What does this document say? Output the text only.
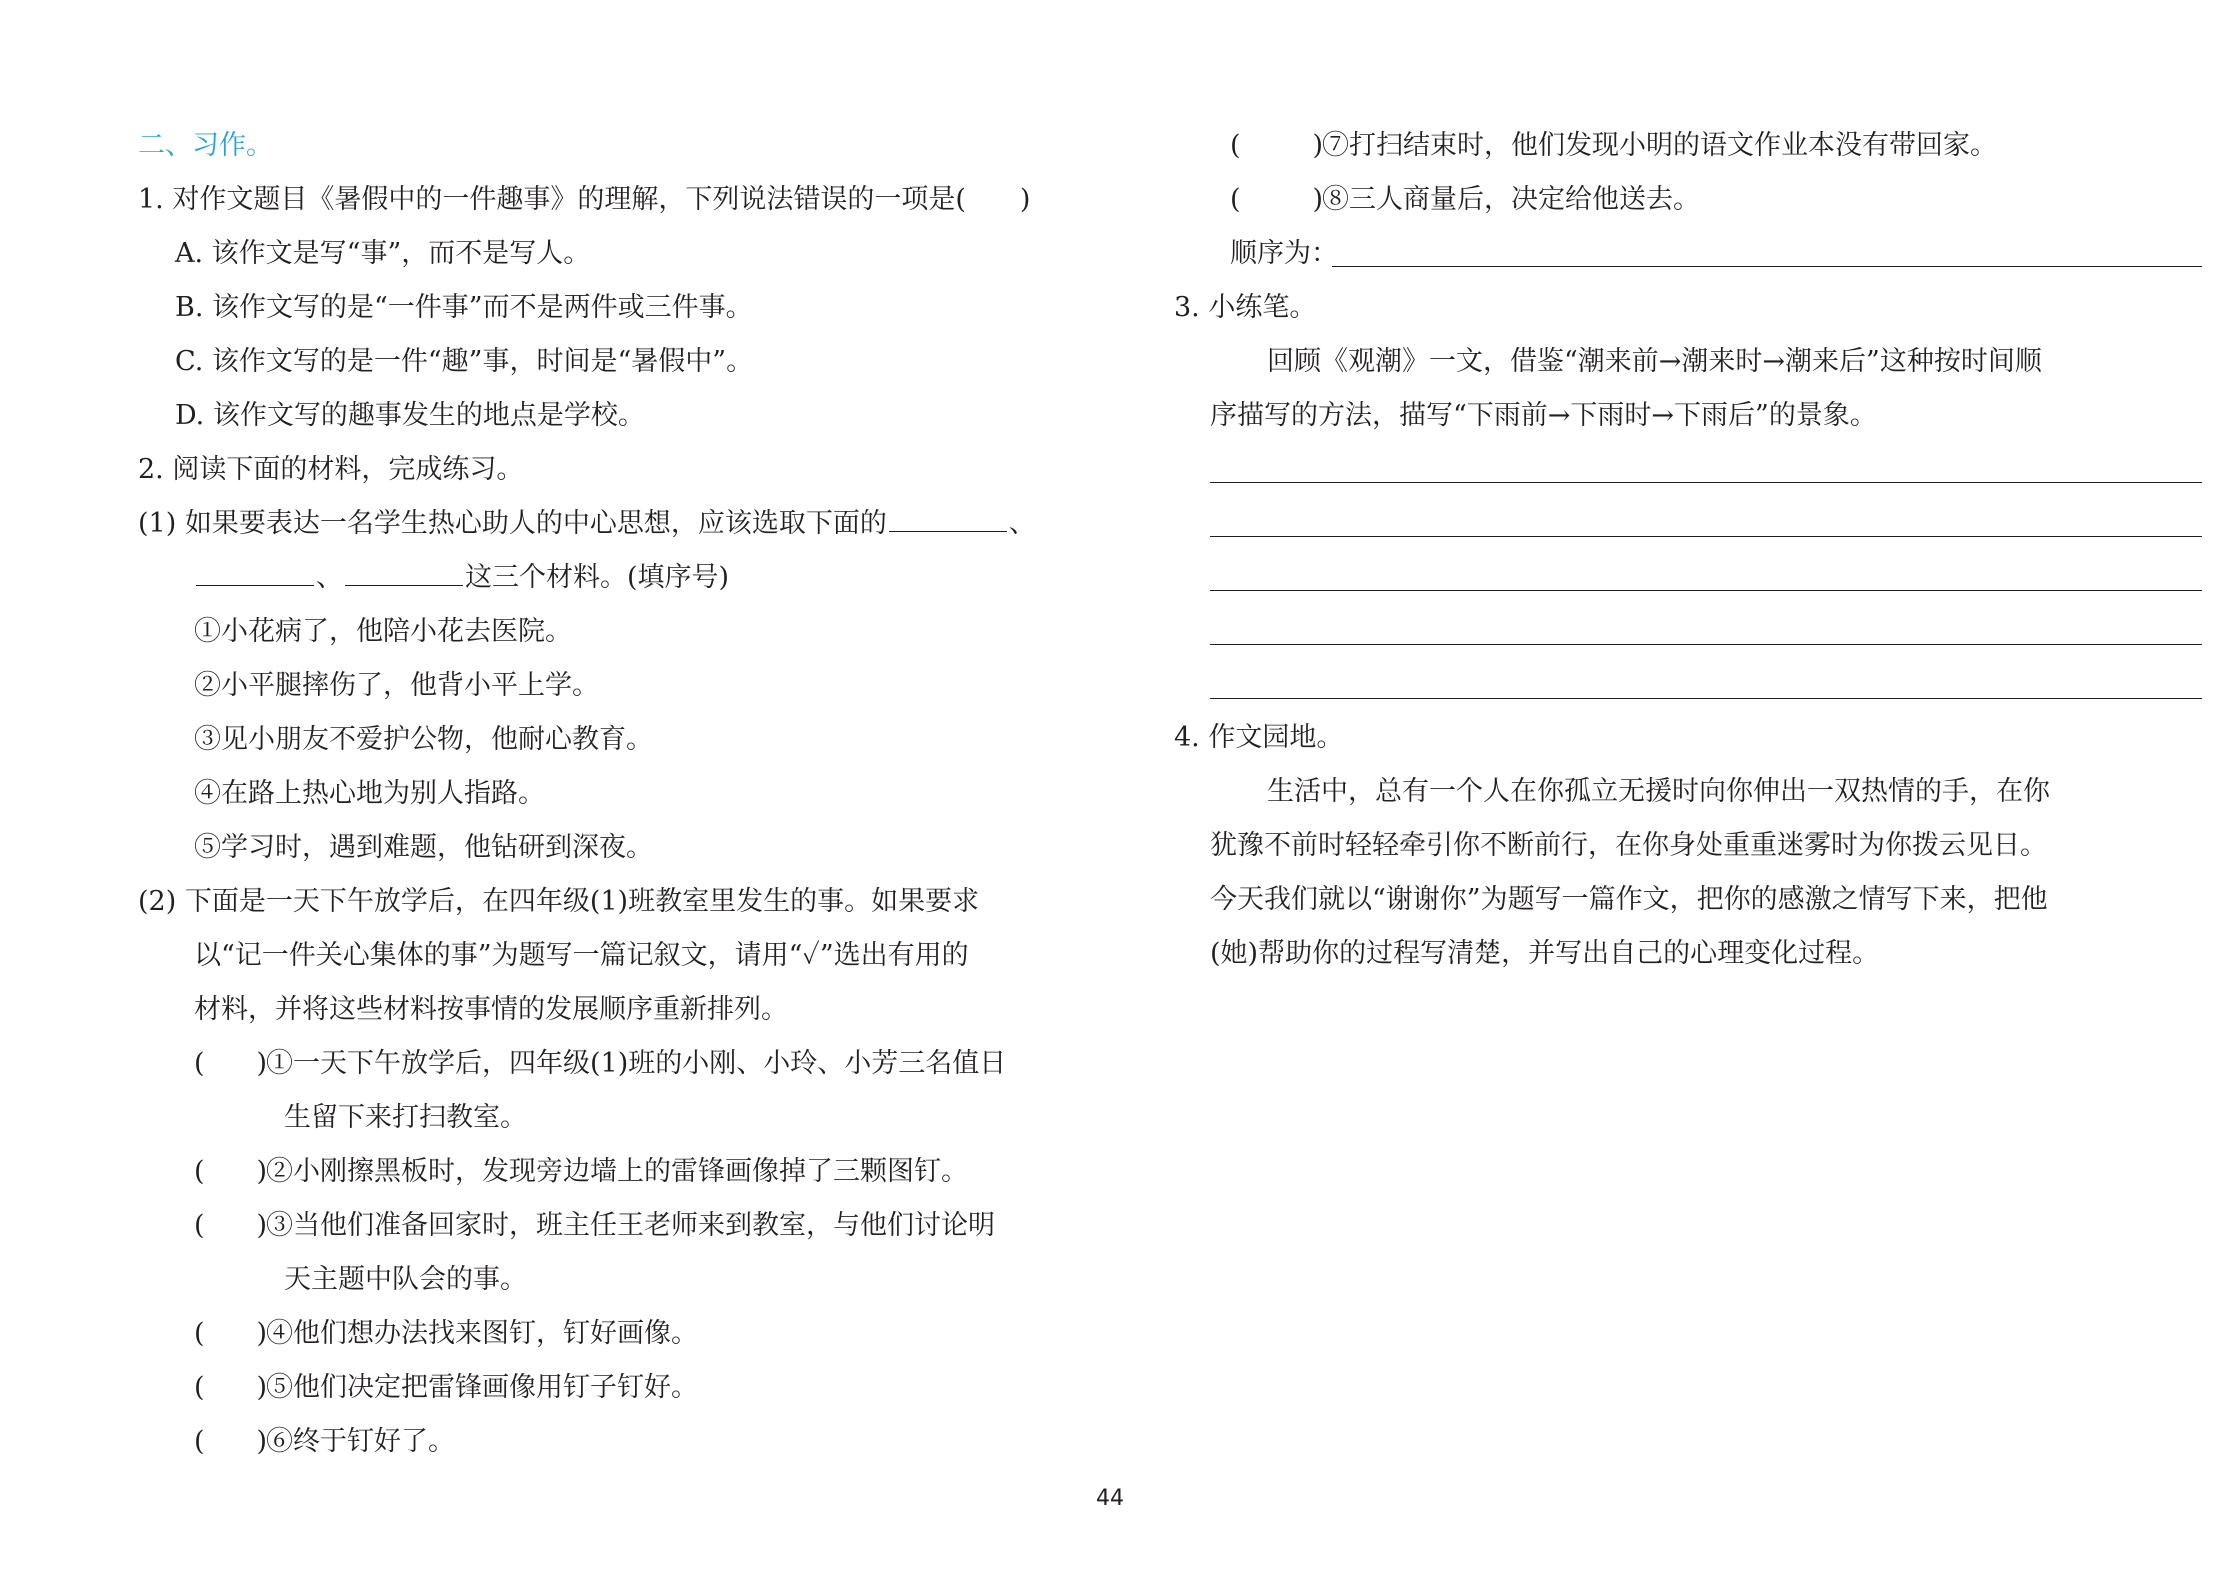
二、习作。
1. 对作文题目《暑假中的一件趣事》的理解，下列说法错误的一项是(　　)
A. 该作文是写“事”，而不是写人。
B. 该作文写的是“一件事”而不是两件或三件事。
C. 该作文写的是一件“趣”事，时间是“暑假中”。
D. 该作文写的趣事发生的地点是学校。
2. 阅读下面的材料，完成练习。
(1) 如果要表达一名学生热心助人的中心思想，应该选取下面的	、
、	这三个材料。(填序号)
①小花病了，他陪小花去医院。
②小平腿摔伤了，他背小平上学。
③见小朋友不爱护公物，他耐心教育。
④在路上热心地为别人指路。
⑤学习时，遇到难题，他钻研到深夜。
(2) 下面是一天下午放学后，在四年级(1)班教室里发生的事。如果要求
以“记一件关心集体的事”为题写一篇记叙文，请用“✓”选出有用的
材料，并将这些材料按事情的发展顺序重新排列。
( )①一天下午放学后，四年级(1)班的小刚、小玲、小芳三名值日
生留下来打扫教室。
( )②小刚擦黑板时，发现旁边墙上的雷锋画像掉了三颗图钉。
( )③当他们准备回家时，班主任王老师来到教室，与他们讨论明
天主题中队会的事。
( )④他们想办法找来图钉，钉好画像。
( )⑤他们决定把雷锋画像用钉子钉好。
( )⑥终于钉好了。
(	)⑦打扫结束时，他们发现小明的语文作业本没有带回家。
(	)⑧三人商量后，决定给他送去。
顺序为：
3. 小练笔。
回顾《观潮》一文，借鉴“潮来前→潮来时→潮来后”这种按时间顺
序描写的方法，描写“下雨前→下雨时→下雨后”的景象。
4. 作文园地。
生活中，总有一个人在你孤立无援时向你伸出一双热情的手，在你
犹豫不前时轻轻牵引你不断前行，在你身处重重迷雾时为你拨云见日。
今天我们就以“谢谢你”为题写一篇作文，把你的感激之情写下来，把他
(她)帮助你的过程写清楚，并写出自己的心理变化过程。
44
